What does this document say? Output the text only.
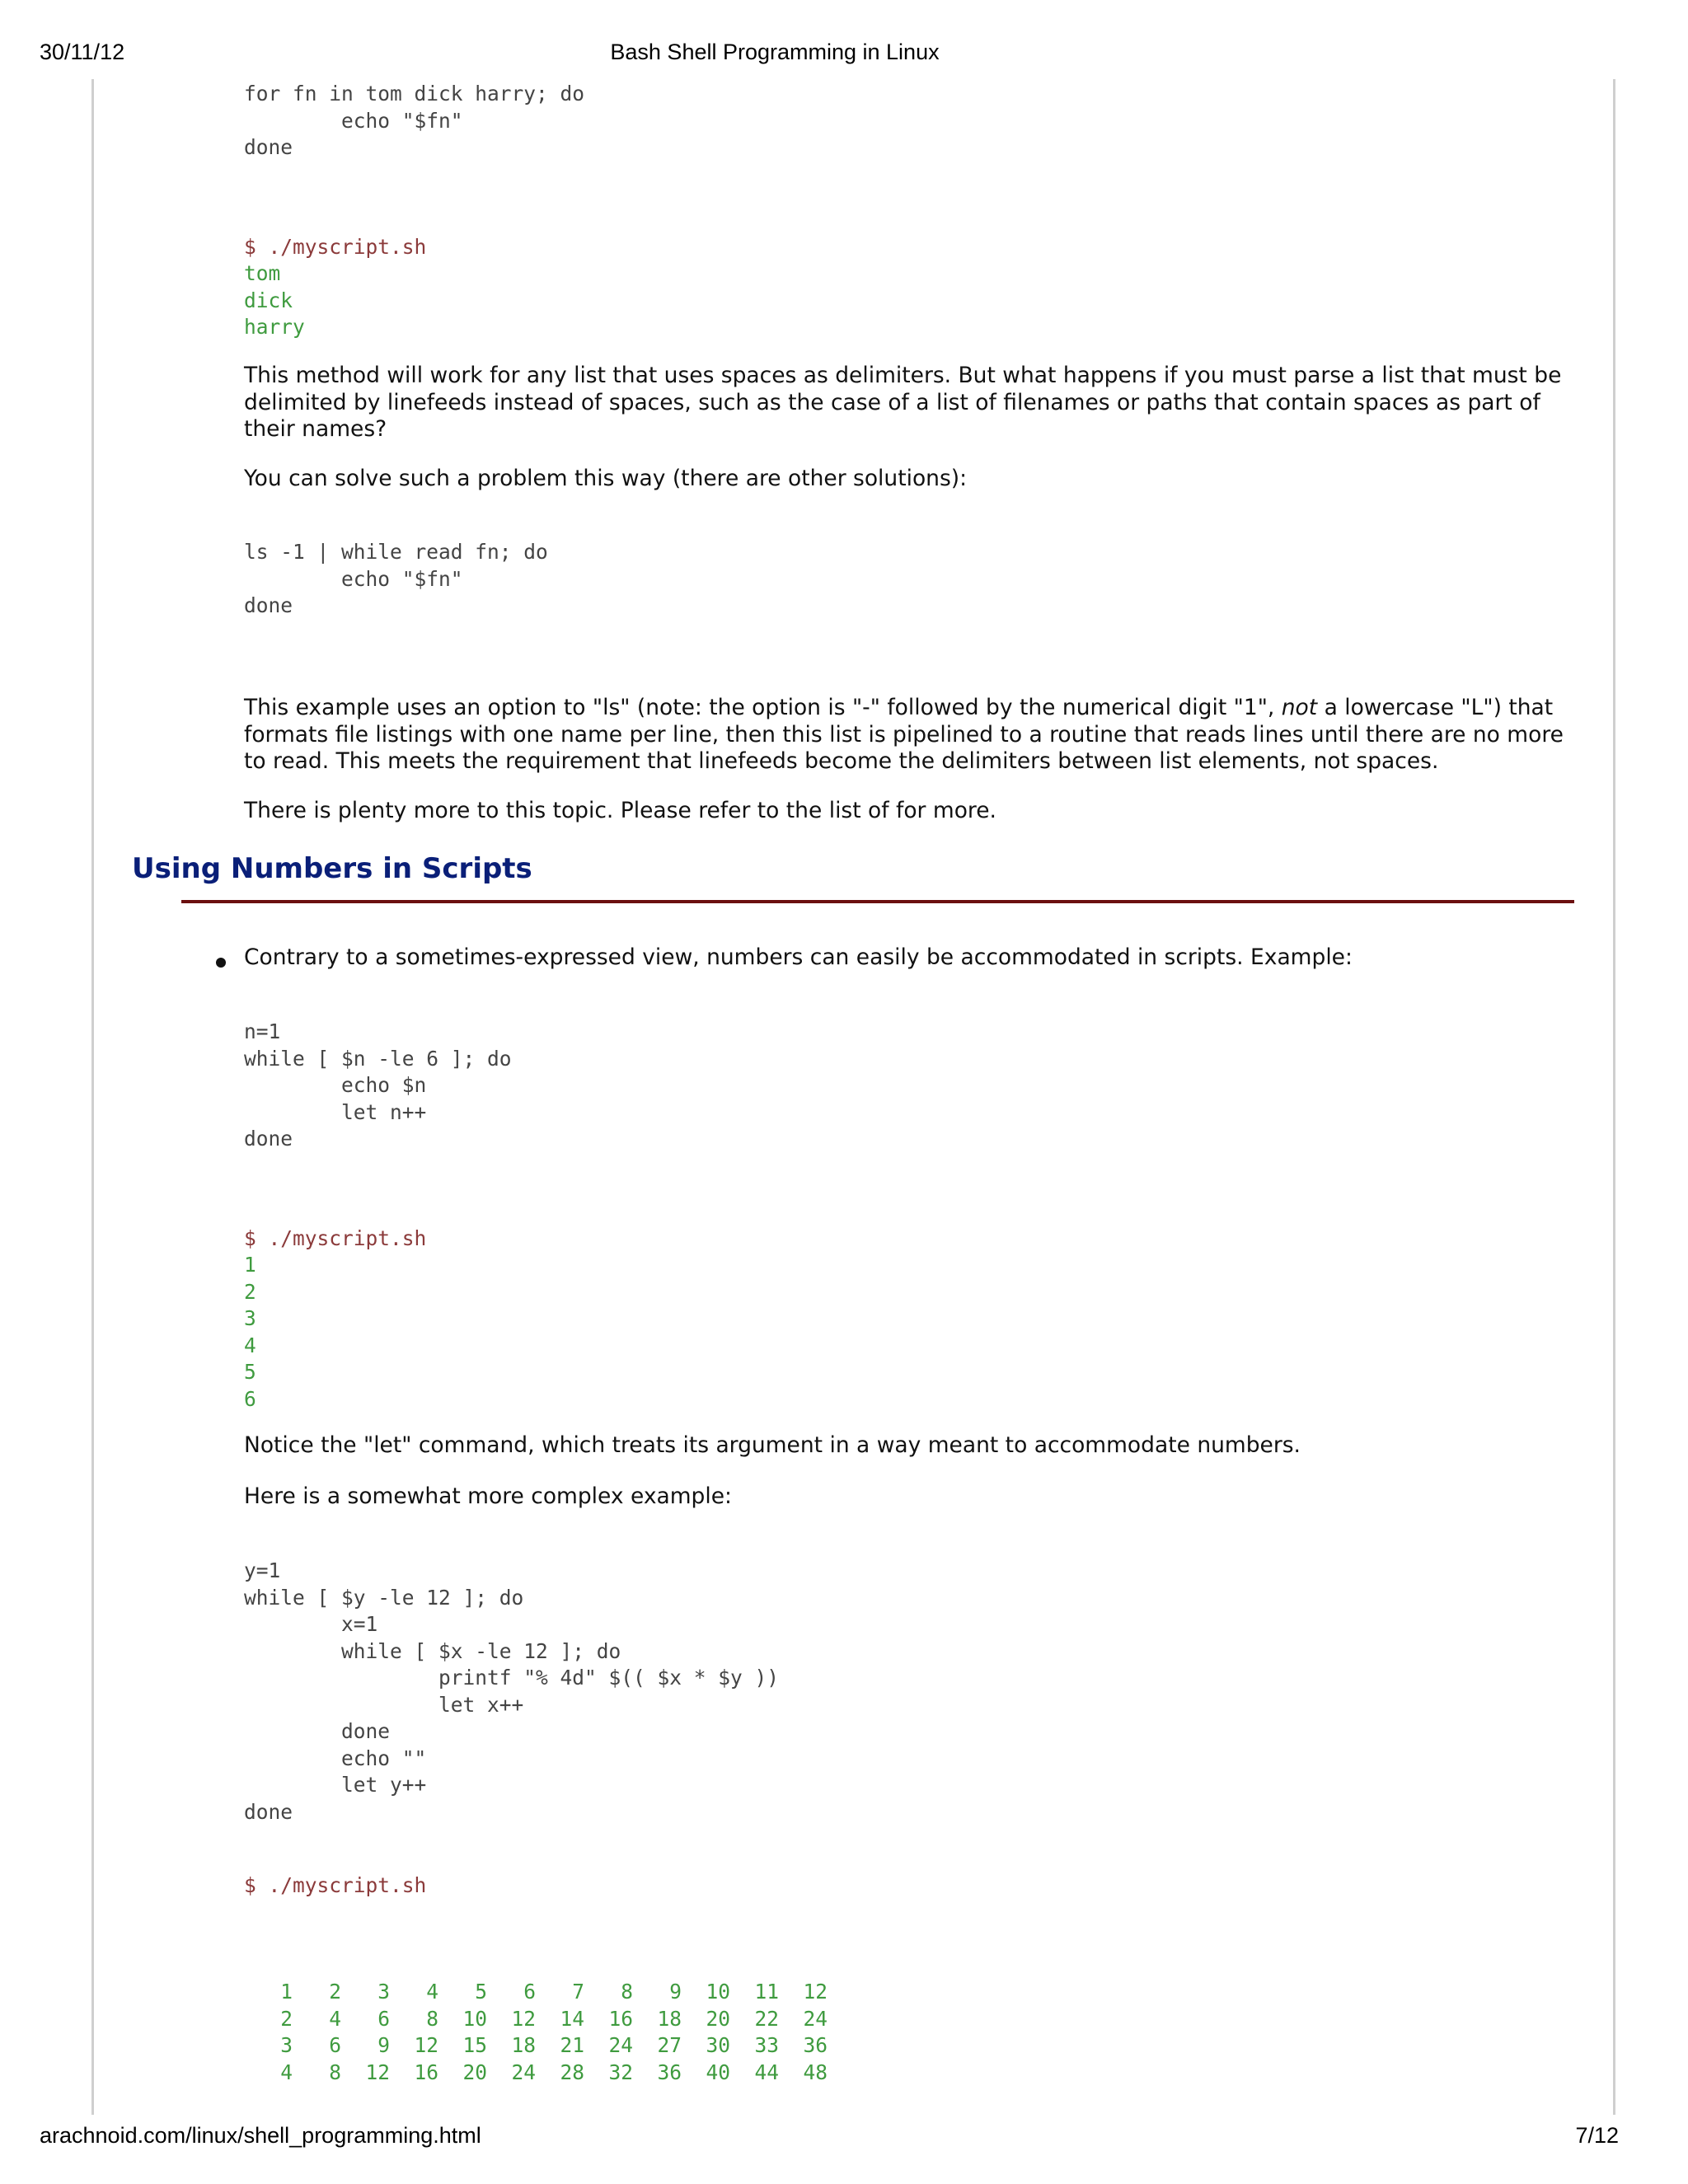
30/11/12	Bash Shell Programming in Linux
for fn in tom dick harry; do
echo "$fn"
done
$ ./myscript.sh
tom
dick
harry

This method will work for any list that uses spaces as delimiters. But what happens if you must parse a list that must be delimited by linefeeds instead of spaces, such as the case of a list of filenames or paths that contain spaces as part of their names?

You can solve such a problem this way (there are other solutions):

ls -1 | while read fn; do
echo "$fn"
done

This example uses an option to "ls" (note: the option is "-" followed by the numerical digit "1", not a lowercase "L") that formats file listings with one name per line, then this list is pipelined to a routine that reads lines until there are no more to read. This meets the requirement that linefeeds become the delimiters between list elements, not spaces.

There is plenty more to this topic. Please refer to the list of for more.

Using Numbers in Scripts

Contrary to a sometimes-expressed view, numbers can easily be accommodated in scripts. Example:

n=1
while [ $n -le 6 ]; do
echo $n
let n++
done
$ ./myscript.sh
1
2
3
4
5
6

Notice the "let" command, which treats its argument in a way meant to accommodate numbers.

Here is a somewhat more complex example:

y=1
while [ $y -le 12 ]; do
x=1
while [ $x -le 12 ]; do
printf "% 4d" $(( $x * $y ))
let x++
done
echo ""
let y++
done
$ ./myscript.sh
1   2   3   4   5   6   7   8   9  10  11  12
2   4   6   8  10  12  14  16  18  20  22  24
3   6   9  12  15  18  21  24  27  30  33  36
4   8  12  16  20  24  28  32  36  40  44  48
arachnoid.com/linux/shell_programming.html	7/12
